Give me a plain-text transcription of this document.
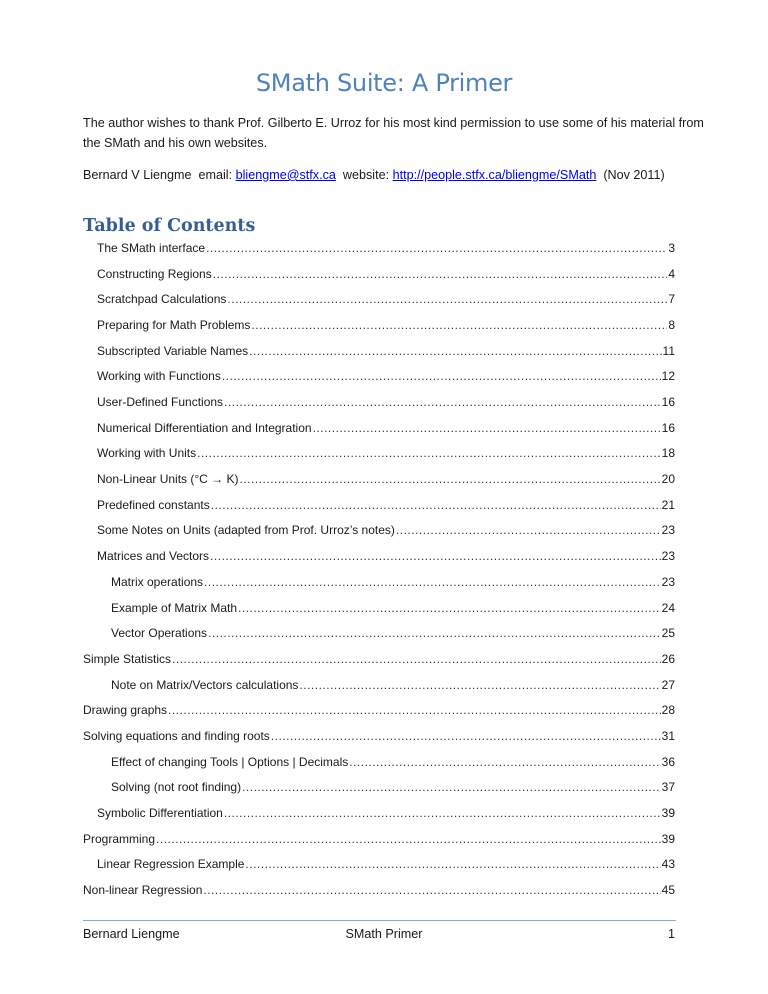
SMath Suite: A Primer
The author wishes to thank Prof. Gilberto E. Urroz for his most kind permission to use some of his material from the SMath and his own websites.
Bernard V Liengme  email: bliengme@stfx.ca  website: http://people.stfx.ca/bliengme/SMath  (Nov 2011)
Table of Contents
The SMath interface .....	3
Constructing Regions .....	4
Scratchpad Calculations .....	7
Preparing for Math Problems .....	8
Subscripted Variable Names .....	11
Working with Functions .....	12
User-Defined Functions .....	16
Numerical Differentiation and Integration .....	16
Working with Units .....	18
Non-Linear Units (°C → K) .....	20
Predefined constants .....	21
Some Notes on Units (adapted from Prof. Urroz’s notes) .....	23
Matrices and Vectors .....	23
Matrix operations .....	23
Example of Matrix Math .....	24
Vector Operations .....	25
Simple Statistics .....	26
Note on Matrix/Vectors calculations .....	27
Drawing graphs .....	28
Solving equations and finding roots .....	31
Effect of changing Tools | Options | Decimals .....	36
Solving (not root finding) .....	37
Symbolic Differentiation .....	39
Programming .....	39
Linear Regression Example .....	43
Non-linear Regression .....	45
Bernard Liengme	SMath Primer	1
